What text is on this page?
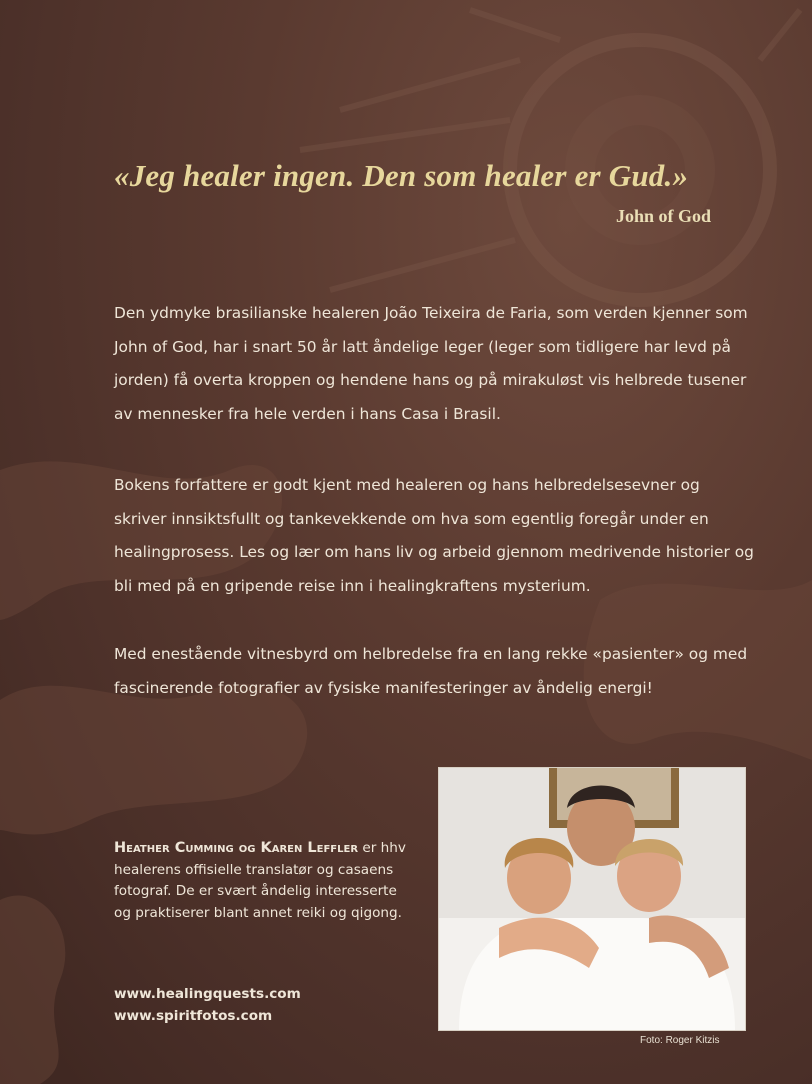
«Jeg healer ingen. Den som healer er Gud.»
John of God

Den ydmyke brasilianske healeren João Teixeira de Faria, som verden kjenner som John of God, har i snart 50 år latt åndelige leger (leger som tidligere har levd på jorden) få overta kroppen og hendene hans og på mirakuløst vis helbrede tusener av mennesker fra hele verden i hans Casa i Brasil.

Bokens forfattere er godt kjent med healeren og hans helbredelsesevner og skriver innsiktsfullt og tankevekkende om hva som egentlig foregår under en healingprosess. Les og lær om hans liv og arbeid gjennom medrivende historier og bli med på en gripende reise inn i healingkraftens mysterium.

Med enestående vitnesbyrd om helbredelse fra en lang rekke «pasienter» og med fascinerende fotografier av fysiske manifesteringer av åndelig energi!

Heather Cumming og Karen Leffler er hhv healerens offisielle translatør og casaens fotograf. De er svært åndelig interesserte og praktiserer blant annet reiki og qigong.
www.healingquests.com
www.spiritfotos.com
Foto: Roger Kitzis
